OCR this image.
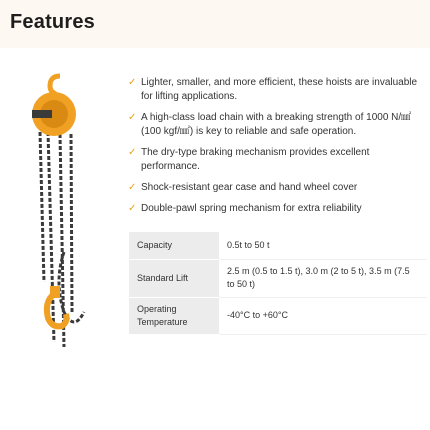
Features
✓ Lighter, smaller, and more efficient, these hoists are invaluable for lifting applications.
✓ A high-class load chain with a breaking strength of 1000 N/㎟ (100 kgf/㎟) is key to reliable and safe operation.
✓ The dry-type braking mechanism provides excellent performance.
✓ Shock-resistant gear case and hand wheel cover
✓ Double-pawl spring mechanism for extra reliability
Capacity	0.5t to 50 t
Standard Lift	2.5 m (0.5 to 1.5 t), 3.0 m (2 to 5 t), 3.5 m (7.5 to 50 t)
Operating Temperature	-40°C to +60°C
